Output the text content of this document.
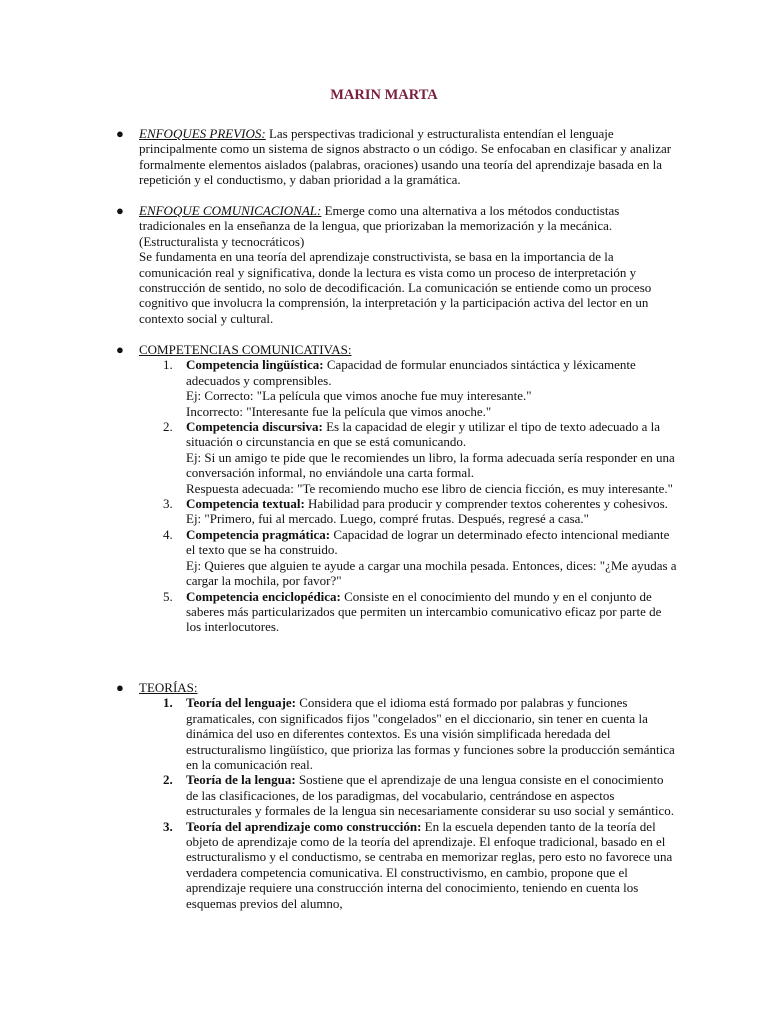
MARIN MARTA
● ENFOQUES PREVIOS: Las perspectivas tradicional y estructuralista entendían el lenguaje principalmente como un sistema de signos abstracto o un código. Se enfocaban en clasificar y analizar formalmente elementos aislados (palabras, oraciones) usando una teoría del aprendizaje basada en la repetición y el conductismo, y daban prioridad a la gramática.

● ENFOQUE COMUNICACIONAL: Emerge como una alternativa a los métodos conductistas tradicionales en la enseñanza de la lengua, que priorizaban la memorización y la mecánica. (Estructuralista y tecnocráticos)

Se fundamenta en una teoría del aprendizaje constructivista, se basa en la importancia de la comunicación real y significativa, donde la lectura es vista como un proceso de interpretación y construcción de sentido, no solo de decodificación. La comunicación se entiende como un proceso cognitivo que involucra la comprensión, la interpretación y la participación activa del lector en un contexto social y cultural.

● COMPETENCIAS COMUNICATIVAS:

1. Competencia lingüística: Capacidad de formular enunciados sintáctica y léxicamente adecuados y comprensibles.
Ej: Correcto: "La película que vimos anoche fue muy interesante."
Incorrecto: "Interesante fue la película que vimos anoche."
2. Competencia discursiva: Es la capacidad de elegir y utilizar el tipo de texto adecuado a la situación o circunstancia en que se está comunicando.
Ej: Si un amigo te pide que le recomiendes un libro, la forma adecuada sería responder en una conversación informal, no enviándole una carta formal.
Respuesta adecuada: "Te recomiendo mucho ese libro de ciencia ficción, es muy interesante."
3. Competencia textual: Habilidad para producir y comprender textos coherentes y cohesivos.
Ej: "Primero, fui al mercado. Luego, compré frutas. Después, regresé a casa."
4. Competencia pragmática: Capacidad de lograr un determinado efecto intencional mediante el texto que se ha construido.
Ej: Quieres que alguien te ayude a cargar una mochila pesada. Entonces, dices: "¿Me ayudas a cargar la mochila, por favor?"
5. Competencia enciclopédica: Consiste en el conocimiento del mundo y en el conjunto de saberes más particularizados que permiten un intercambio comunicativo eficaz por parte de los interlocutores.
● TEORÍAS:

1. Teoría del lenguaje: Considera que el idioma está formado por palabras y funciones gramaticales, con significados fijos "congelados" en el diccionario, sin tener en cuenta la dinámica del uso en diferentes contextos. Es una visión simplificada heredada del estructuralismo lingüístico, que prioriza las formas y funciones sobre la producción semántica en la comunicación real.
2. Teoría de la lengua: Sostiene que el aprendizaje de una lengua consiste en el conocimiento de las clasificaciones, de los paradigmas, del vocabulario, centrándose en aspectos estructurales y formales de la lengua sin necesariamente considerar su uso social y semántico.
3. Teoría del aprendizaje como construcción: En la escuela dependen tanto de la teoría del objeto de aprendizaje como de la teoría del aprendizaje. El enfoque tradicional, basado en el estructuralismo y el conductismo, se centraba en memorizar reglas, pero esto no favorece una verdadera competencia comunicativa. El constructivismo, en cambio, propone que el aprendizaje requiere una construcción interna del conocimiento, teniendo en cuenta los esquemas previos del alumno,
